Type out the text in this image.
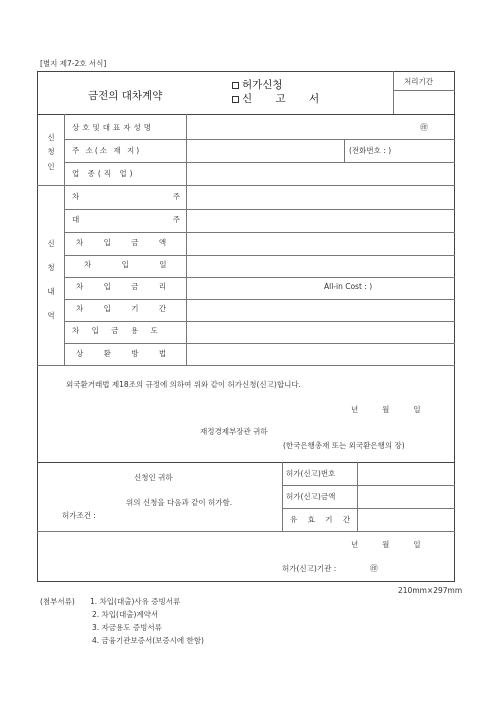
[별지 제7-2호 서식]
금전의 대차계약
허가신청
신 고 서
처리기간
신청인
상호및대표자성명	㊞
주 소(소 재 지)	(전화번호 : )
업 종(직 업)
신청내역
차 주
대 주
차 입 금 액
차 입 일
차 입 금 리	All-in Cost : )
차 입 기 간
차 입 금 용 도
상 환 방 법
외국환거래법 제18조의 규정에 의하여 위와 같이 허가신청(신고)합니다.
년     월     일
재정경제부장관 귀하
(한국은행총재 또는 외국환은행의 장)
신청인 귀하
위의 신청을 다음과 같이 허가함.
허가조건 :
허가(신고)번호
허가(신고)금액
유 효 기 간
년     월     일
허가(신고)기관 :	㊞
210mm×297mm
(첨부서류) 1. 차입(대출)사유 증빙서류
2. 차입(대출)계약서
3. 자금용도 증빙서류
4. 금융기관보증서(보증시에 한함)
